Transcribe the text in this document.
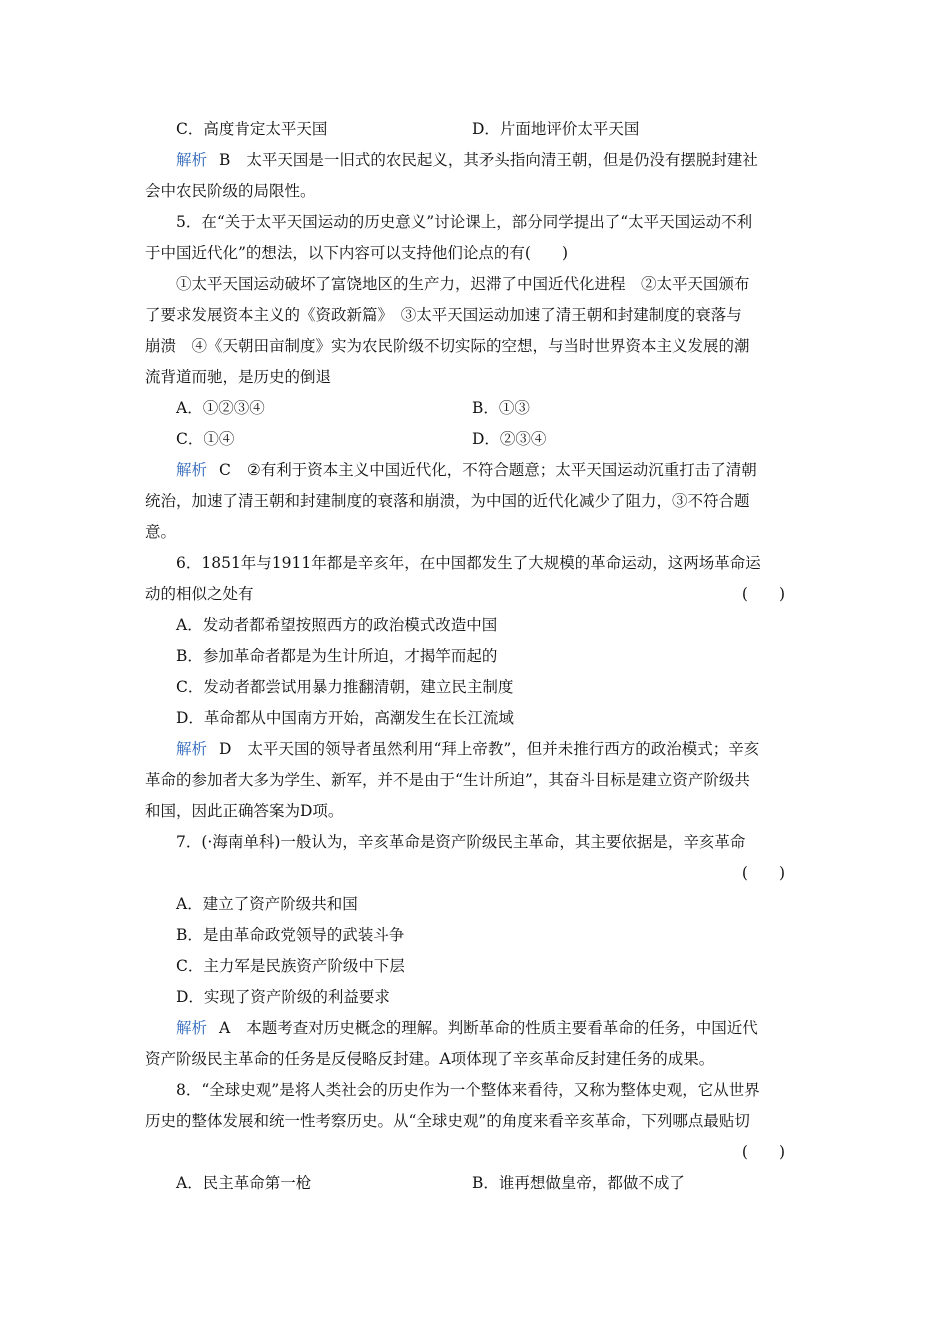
C．高度肯定太平天国	D．片面地评价太平天国
解析 B 太平天国是一旧式的农民起义，其矛头指向清王朝，但是仍没有摆脱封建社
会中农民阶级的局限性。
5．在“关于太平天国运动的历史意义”讨论课上，部分同学提出了“太平天国运动不利
于中国近代化”的想法，以下内容可以支持他们论点的有(　　)
①太平天国运动破坏了富饶地区的生产力，迟滞了中国近代化进程　②太平天国颁布
了要求发展资本主义的《资政新篇》　③太平天国运动加速了清王朝和封建制度的衰落与
崩溃　④《天朝田亩制度》实为农民阶级不切实际的空想，与当时世界资本主义发展的潮
流背道而驰，是历史的倒退
A．①②③④	B．①③
C．①④	D．②③④
解析 C ②有利于资本主义中国近代化，不符合题意；太平天国运动沉重打击了清朝
统治，加速了清王朝和封建制度的衰落和崩溃，为中国的近代化减少了阻力，③不符合题
意。
6．1851年与1911年都是辛亥年，在中国都发生了大规模的革命运动，这两场革命运
动的相似之处有	(　　)
A．发动者都希望按照西方的政治模式改造中国
B．参加革命者都是为生计所迫，才揭竿而起的
C．发动者都尝试用暴力推翻清朝，建立民主制度
D．革命都从中国南方开始，高潮发生在长江流域
解析 D 太平天国的领导者虽然利用“拜上帝教”，但并未推行西方的政治模式；辛亥
革命的参加者大多为学生、新军，并不是由于“生计所迫”，其奋斗目标是建立资产阶级共
和国，因此正确答案为D项。
7．(·海南单科)一般认为，辛亥革命是资产阶级民主革命，其主要依据是，辛亥革命
(　　)
A．建立了资产阶级共和国
B．是由革命政党领导的武装斗争
C．主力军是民族资产阶级中下层
D．实现了资产阶级的利益要求
解析 A 本题考查对历史概念的理解。判断革命的性质主要看革命的任务，中国近代
资产阶级民主革命的任务是反侵略反封建。A项体现了辛亥革命反封建任务的成果。
8．“全球史观”是将人类社会的历史作为一个整体来看待，又称为整体史观，它从世界
历史的整体发展和统一性考察历史。从“全球史观”的角度来看辛亥革命，下列哪点最贴切
(　　)
A．民主革命第一枪	B．谁再想做皇帝，都做不成了
